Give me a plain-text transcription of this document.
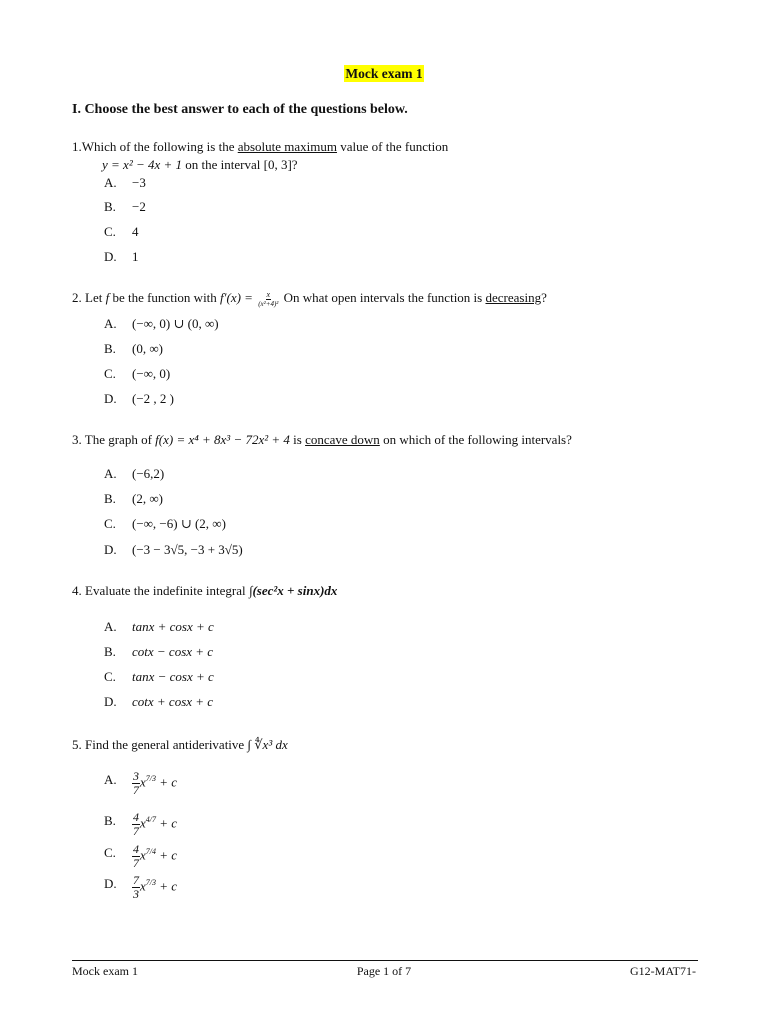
Mock exam 1
I. Choose the best answer to each of the questions below.
1.Which of the following is the absolute maximum value of the function
y = x² − 4x + 1 on the interval [0, 3]?
A.	−3
B.	−2
C.	4
D.	1
2. Let f be the function with $f'(x) = \frac{x}{\text{(x²+4)²}}$ On what open intervals the function is decreasing?
A.	(−∞, 0) ∪ (0, ∞)
B.	(0, ∞)
C.	(−∞, 0)
D.	(−2 , 2 )
3. The graph of f(x) = x⁴ + 8x³ − 72x² + 4 is concave down on which of the following intervals?
A.	(−6,2)
B.	(2, ∞)
C.	(−∞, −6) ∪ (2, ∞)
D.	(−3 − 3√5, −3 + 3√5)
4. Evaluate the indefinite integral ∫(sec²x + sinx)dx
A.	tanx + cosx + c
B.	cotx − cosx + c
C.	tanx − cosx + c
D.	cotx + cosx + c
5. Find the general antiderivative ∫ ∜x³ dx
A.	$\frac{3}{7} x^{7/3} + c$
B.	$\frac{4}{7} x^{4/7} + c$
C.	$\frac{4}{7} x^{7/4} + c$
D.	$\frac{7}{3} x^{7/3} + c$
Mock exam 1	Page 1 of 7	G12-MAT71-
